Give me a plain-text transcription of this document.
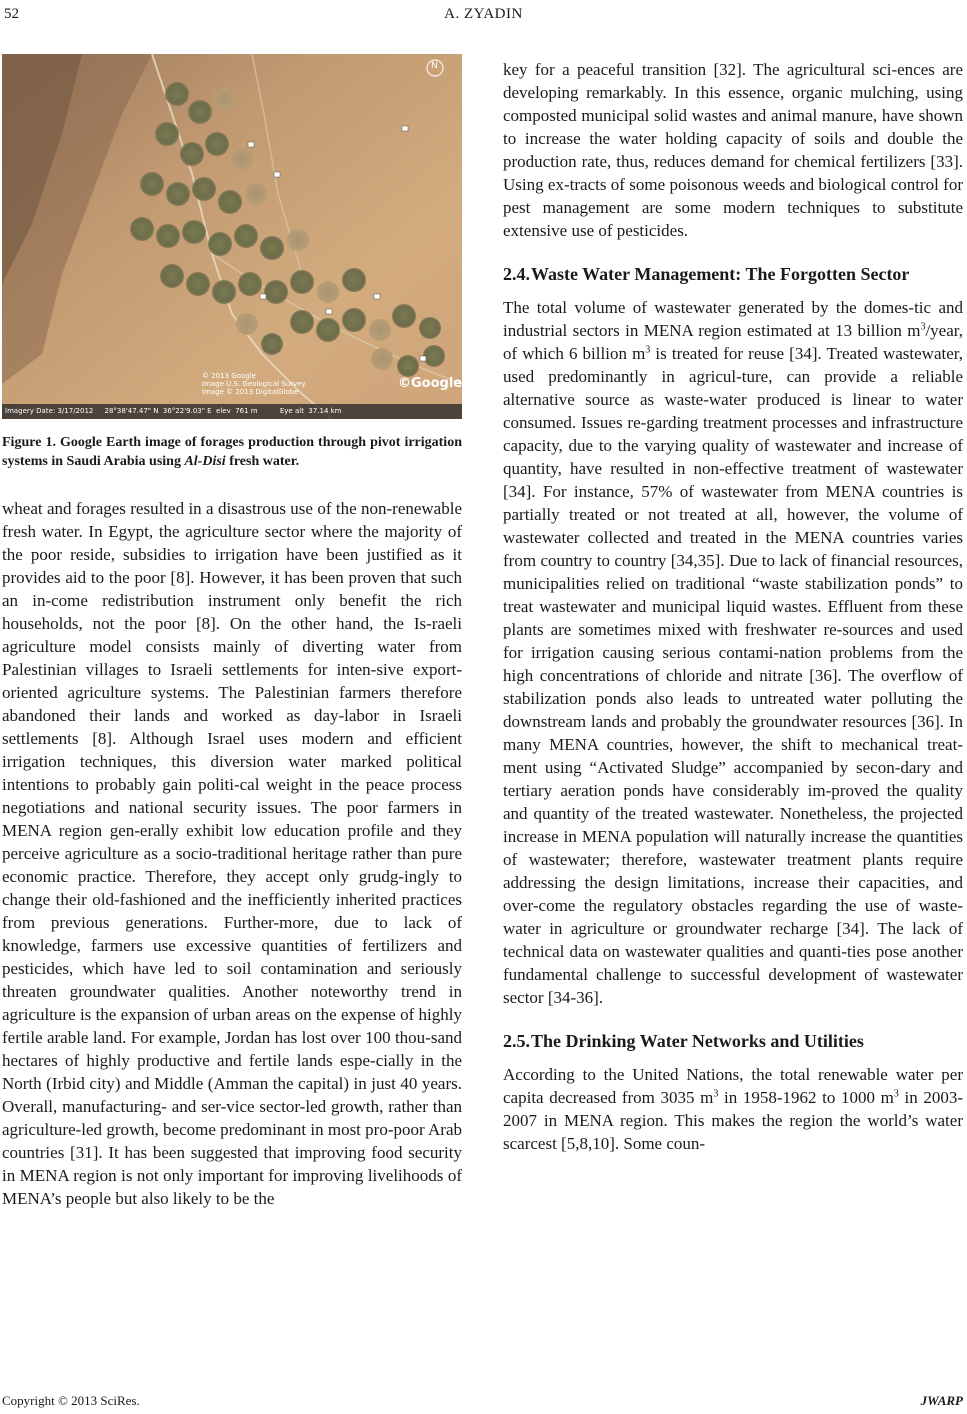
52	A. ZYADIN
N
© 2013 Google
Image U.S. Geological Survey
Image © 2013 DigitalGlobe
©Google
Imagery Date: 3/17/2012     28°38'47.47" N  36°22'9.03" E  elev  761 m          Eye alt  37.14 km
Figure 1. Google Earth image of forages production through pivot irrigation systems in Saudi Arabia using Al-Disi fresh water.

wheat and forages resulted in a disastrous use of the non-renewable fresh water. In Egypt, the agriculture sector where the majority of the poor reside, subsidies to irrigation have been justified as it provides aid to the poor [8]. However, it has been proven that such an in-come redistribution instrument only benefit the rich households, not the poor [8]. On the other hand, the Is-raeli agriculture model consists mainly of diverting water from Palestinian villages to Israeli settlements for inten-sive export-oriented agriculture systems. The Palestinian farmers therefore abandoned their lands and worked as day-labor in Israeli settlements [8]. Although Israel uses modern and efficient irrigation techniques, this diversion water marked political intentions to probably gain politi-cal weight in the peace process negotiations and national security issues. The poor farmers in MENA region gen-erally exhibit low education profile and they perceive agriculture as a socio-traditional heritage rather than pure economic practice. Therefore, they accept only grudg-ingly to change their old-fashioned and the inefficiently inherited practices from previous generations. Further-more, due to lack of knowledge, farmers use excessive quantities of fertilizers and pesticides, which have led to soil contamination and seriously threaten groundwater qualities. Another noteworthy trend in agriculture is the expansion of urban areas on the expense of highly fertile arable land. For example, Jordan has lost over 100 thou-sand hectares of highly productive and fertile lands espe-cially in the North (Irbid city) and Middle (Amman the capital) in just 40 years. Overall, manufacturing- and ser-vice sector-led growth, rather than agriculture-led growth, become predominant in most pro-poor Arab countries [31]. It has been suggested that improving food security in MENA region is not only important for improving livelihoods of MENA’s people but also likely to be the

key for a peaceful transition [32]. The agricultural sci-ences are developing remarkably. In this essence, organic mulching, using composted municipal solid wastes and animal manure, have shown to increase the water holding capacity of soils and double the production rate, thus, reduces demand for chemical fertilizers [33]. Using ex-tracts of some poisonous weeds and biological control for pest management are some modern techniques to substitute extensive use of pesticides.

2.4.Waste Water Management: The Forgotten Sector

The total volume of wastewater generated by the domes-tic and industrial sectors in MENA region estimated at 13 billion $m^3$/year, of which 6 billion $m^3$ is treated for reuse [34]. Treated wastewater, used predominantly in agricul-ture, can provide a reliable alternative source as waste-water produced is linear to water consumed. Issues re-garding treatment processes and infrastructure capacity, due to the varying quality of wastewater and increase of quantity, have resulted in non-effective treatment of wastewater [34]. For instance, 57% of wastewater from MENA countries is partially treated or not treated at all, however, the volume of wastewater collected and treated in the MENA countries varies from country to country [34,35]. Due to lack of financial resources, municipalities relied on traditional “waste stabilization ponds” to treat wastewater and municipal liquid wastes. Effluent from these plants are sometimes mixed with freshwater re-sources and used for irrigation causing serious contami-nation problems from the high concentrations of chloride and nitrate [36]. The overflow of stabilization ponds also leads to untreated water polluting the downstream lands and probably the groundwater resources [36]. In many MENA countries, however, the shift to mechanical treat-ment using “Activated Sludge” accompanied by secon-dary and tertiary aeration ponds have considerably im-proved the quality and quantity of the treated wastewater. Nonetheless, the projected increase in MENA population will naturally increase the quantities of wastewater; therefore, wastewater treatment plants require addressing the design limitations, increase their capacities, and over-come the regulatory obstacles regarding the use of waste-water in agriculture or groundwater recharge [34]. The lack of technical data on wastewater qualities and quanti-ties pose another fundamental challenge to successful development of wastewater sector [34-36].

2.5.The Drinking Water Networks and Utilities

According to the United Nations, the total renewable water per capita decreased from 3035 $m^3$ in 1958-1962 to 1000 $m^3$ in 2003-2007 in MENA region. This makes the region the world’s water scarcest [5,8,10]. Some coun-

Copyright © 2013 SciRes.	JWARP
